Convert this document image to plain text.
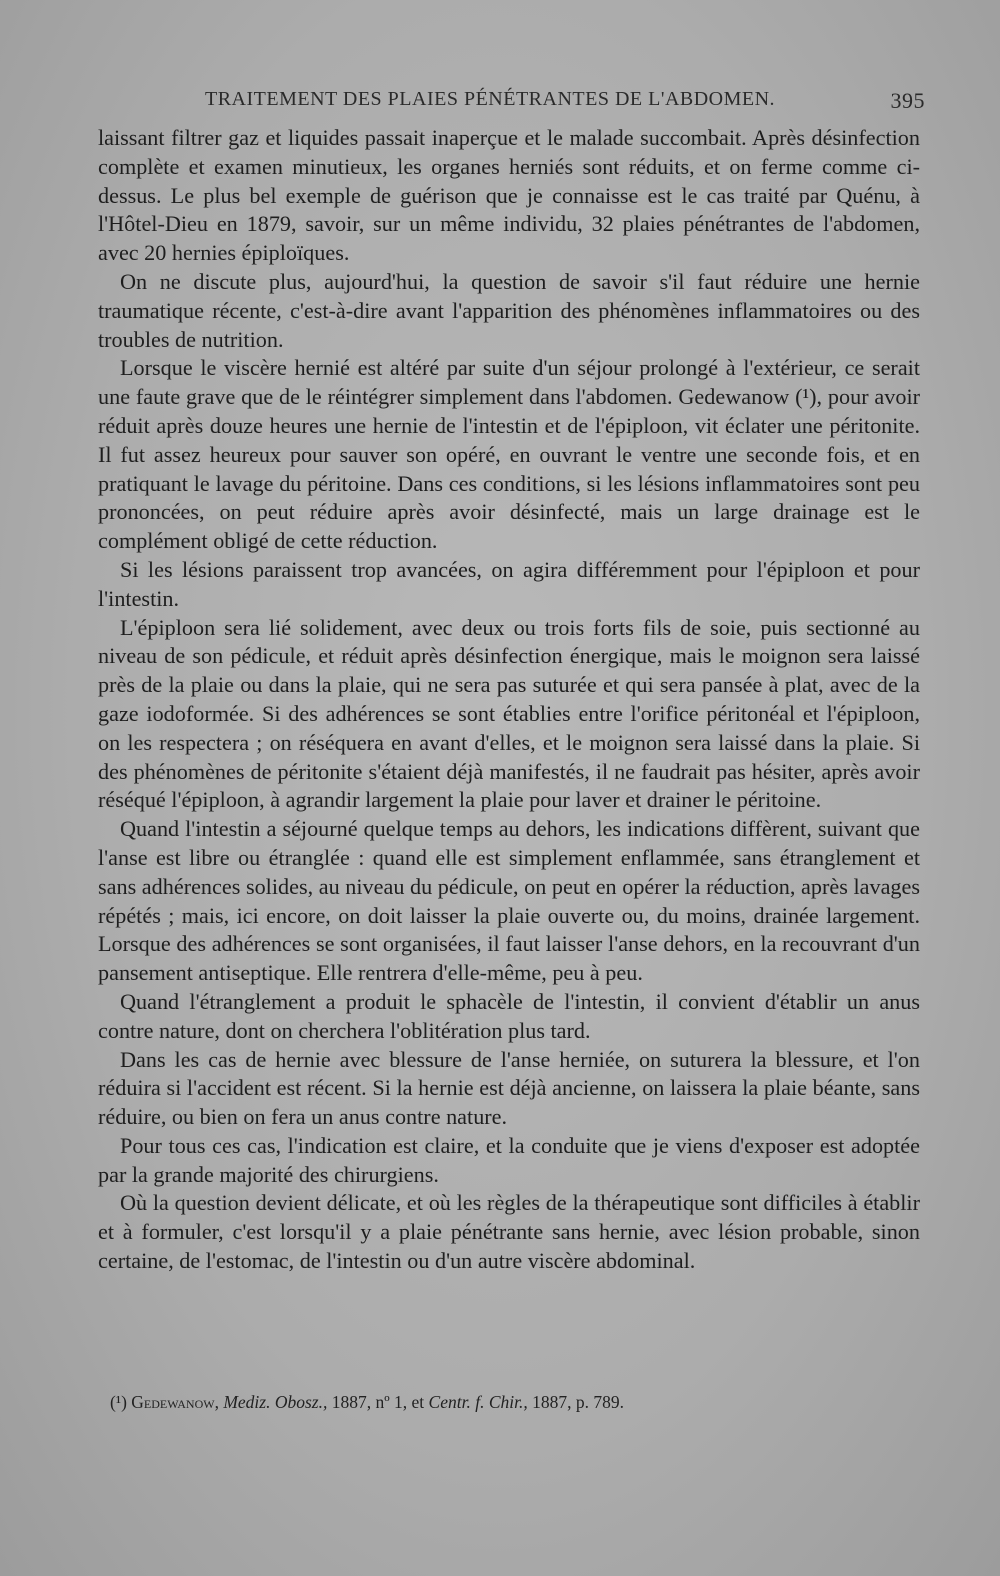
TRAITEMENT DES PLAIES PÉNÉTRANTES DE L'ABDOMEN.	395

laissant filtrer gaz et liquides passait inaperçue et le malade succombait. Après désinfection complète et examen minutieux, les organes herniés sont réduits, et on ferme comme ci-dessus. Le plus bel exemple de guérison que je connaisse est le cas traité par Quénu, à l'Hôtel-Dieu en 1879, savoir, sur un même individu, 32 plaies pénétrantes de l'abdomen, avec 20 hernies épiploïques.

On ne discute plus, aujourd'hui, la question de savoir s'il faut réduire une hernie traumatique récente, c'est-à-dire avant l'apparition des phénomènes inflammatoires ou des troubles de nutrition.

Lorsque le viscère hernié est altéré par suite d'un séjour prolongé à l'extérieur, ce serait une faute grave que de le réintégrer simplement dans l'abdomen. Gedewanow (¹), pour avoir réduit après douze heures une hernie de l'intestin et de l'épiploon, vit éclater une péritonite. Il fut assez heureux pour sauver son opéré, en ouvrant le ventre une seconde fois, et en pratiquant le lavage du péritoine. Dans ces conditions, si les lésions inflammatoires sont peu prononcées, on peut réduire après avoir désinfecté, mais un large drainage est le complément obligé de cette réduction.

Si les lésions paraissent trop avancées, on agira différemment pour l'épiploon et pour l'intestin.

L'épiploon sera lié solidement, avec deux ou trois forts fils de soie, puis sectionné au niveau de son pédicule, et réduit après désinfection énergique, mais le moignon sera laissé près de la plaie ou dans la plaie, qui ne sera pas suturée et qui sera pansée à plat, avec de la gaze iodoformée. Si des adhérences se sont établies entre l'orifice péritonéal et l'épiploon, on les respectera ; on réséquera en avant d'elles, et le moignon sera laissé dans la plaie. Si des phénomènes de péritonite s'étaient déjà manifestés, il ne faudrait pas hésiter, après avoir réséqué l'épiploon, à agrandir largement la plaie pour laver et drainer le péritoine.

Quand l'intestin a séjourné quelque temps au dehors, les indications diffèrent, suivant que l'anse est libre ou étranglée : quand elle est simplement enflammée, sans étranglement et sans adhérences solides, au niveau du pédicule, on peut en opérer la réduction, après lavages répétés ; mais, ici encore, on doit laisser la plaie ouverte ou, du moins, drainée largement. Lorsque des adhérences se sont organisées, il faut laisser l'anse dehors, en la recouvrant d'un pansement antiseptique. Elle rentrera d'elle-même, peu à peu.

Quand l'étranglement a produit le sphacèle de l'intestin, il convient d'établir un anus contre nature, dont on cherchera l'oblitération plus tard.

Dans les cas de hernie avec blessure de l'anse herniée, on suturera la blessure, et l'on réduira si l'accident est récent. Si la hernie est déjà ancienne, on laissera la plaie béante, sans réduire, ou bien on fera un anus contre nature.

Pour tous ces cas, l'indication est claire, et la conduite que je viens d'exposer est adoptée par la grande majorité des chirurgiens.

Où la question devient délicate, et où les règles de la thérapeutique sont difficiles à établir et à formuler, c'est lorsqu'il y a plaie pénétrante sans hernie, avec lésion probable, sinon certaine, de l'estomac, de l'intestin ou d'un autre viscère abdominal.

(¹) Gedewanow, Mediz. Obosz., 1887, nº 1, et Centr. f. Chir., 1887, p. 789.
